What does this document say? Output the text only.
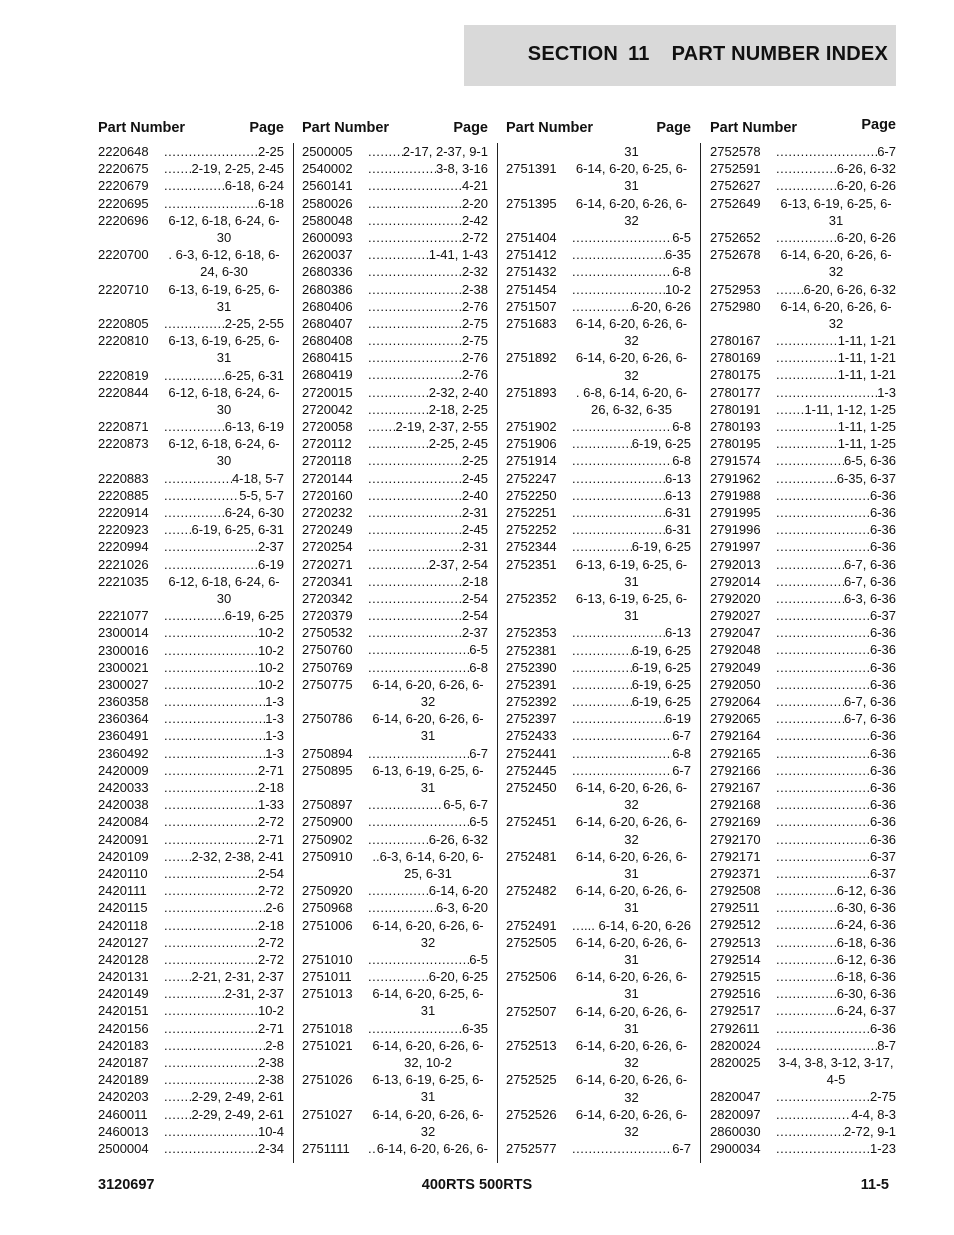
SECTION 11 PART NUMBER INDEX
Part Number	Page
2220648 .....	2-25
2220675 .....	2-19, 2-25, 2-45
2220679 .....	6-18, 6-24
2220695 .....	6-18
2220696	6-12, 6-18, 6-24, 6-30
2220700	. 6-3, 6-12, 6-18, 6-24, 6-30
2220710	6-13, 6-19, 6-25, 6-31
2220805 .....	2-25, 2-55
2220810	6-13, 6-19, 6-25, 6-31
2220819 .....	6-25, 6-31
2220844	6-12, 6-18, 6-24, 6-30
2220871 .....	6-13, 6-19
2220873	6-12, 6-18, 6-24, 6-30
2220883 .....	4-18, 5-7
2220885 .....	5-5, 5-7
2220914 .....	6-24, 6-30
2220923 .....	6-19, 6-25, 6-31
2220994 .....	2-37
2221026 .....	6-19
2221035	6-12, 6-18, 6-24, 6-30
2221077 .....	6-19, 6-25
2300014 .....	10-2
2300016 .....	10-2
2300021 .....	10-2
2300027 .....	10-2
2360358 .....	1-3
2360364 .....	1-3
2360491 .....	1-3
2360492 .....	1-3
2420009 .....	2-71
2420033 .....	2-18
2420038 .....	1-33
2420084 .....	2-72
2420091 .....	2-71
2420109 .....	2-32, 2-38, 2-41
2420110 .....	2-54
2420111 .....	2-72
2420115 .....	2-6
2420118 .....	2-18
2420127 .....	2-72
2420128 .....	2-72
2420131 .....	2-21, 2-31, 2-37
2420149 .....	2-31, 2-37
2420151 .....	10-2
2420156 .....	2-71
2420183 .....	2-8
2420187 .....	2-38
2420189 .....	2-38
2420203 .....	2-29, 2-49, 2-61
2460011 .....	2-29, 2-49, 2-61
2460013 .....	10-4
2500004 .....	2-34
Part Number	Page
2500005 .....	2-17, 2-37, 9-1
2540002 .....	3-8, 3-16
2560141 .....	4-21
2580026 .....	2-20
2580048 .....	2-42
2600093 .....	2-72
2620037 .....	1-41, 1-43
2680336 .....	2-32
2680386 .....	2-38
2680406 .....	2-76
2680407 .....	2-75
2680408 .....	2-75
2680415 .....	2-76
2680419 .....	2-76
2720015 .....	2-32, 2-40
2720042 .....	2-18, 2-25
2720058 .....	2-19, 2-37, 2-55
2720112 .....	2-25, 2-45
2720118 .....	2-25
2720144 .....	2-45
2720160 .....	2-40
2720232 .....	2-31
2720249 .....	2-45
2720254 .....	2-31
2720271 .....	2-37, 2-54
2720341 .....	2-18
2720342 .....	2-54
2720379 .....	2-54
2750532 .....	2-37
2750760 .....	6-5
2750769 .....	6-8
2750775	6-14, 6-20, 6-26, 6-32
2750786	6-14, 6-20, 6-26, 6-31
2750894 .....	6-7
2750895	6-13, 6-19, 6-25, 6-31
2750897 .....	6-5, 6-7
2750900 .....	6-5
2750902 .....	6-26, 6-32
2750910	..6-3, 6-14, 6-20, 6-25, 6-31
2750920 .....	6-14, 6-20
2750968 .....	6-3, 6-20
2751006	6-14, 6-20, 6-26, 6-32
2751010 .....	6-5
2751011 .....	6-20, 6-25
2751013	6-14, 6-20, 6-25, 6-31
2751018 .....	6-35
2751021	6-14, 6-20, 6-26, 6-32, 10-2
2751026	6-13, 6-19, 6-25, 6-31
2751027	6-14, 6-20, 6-26, 6-32
2751111 .....	6-14, 6-20, 6-26, 6-
Part Number	Page
31
2751391	6-14, 6-20, 6-25, 6-31
2751395	6-14, 6-20, 6-26, 6-32
2751404 .....	6-5
2751412 .....	6-35
2751432 .....	6-8
2751454 .....	10-2
2751507 .....	6-20, 6-26
2751683	6-14, 6-20, 6-26, 6-32
2751892	6-14, 6-20, 6-26, 6-32
2751893	. 6-8, 6-14, 6-20, 6-26, 6-32, 6-35
2751902 .....	6-8
2751906 .....	6-19, 6-25
2751914 .....	6-8
2752247 .....	6-13
2752250 .....	6-13
2752251 .....	6-31
2752252 .....	6-31
2752344 .....	6-19, 6-25
2752351	6-13, 6-19, 6-25, 6-31
2752352	6-13, 6-19, 6-25, 6-31
2752353 .....	6-13
2752381 .....	6-19, 6-25
2752390 .....	6-19, 6-25
2752391 .....	6-19, 6-25
2752392 .....	6-19, 6-25
2752397 .....	6-19
2752433 .....	6-7
2752441 .....	6-8
2752445 .....	6-7
2752450	6-14, 6-20, 6-26, 6-32
2752451	6-14, 6-20, 6-26, 6-32
2752481	6-14, 6-20, 6-26, 6-31
2752482	6-14, 6-20, 6-26, 6-31
2752491 .....	.... 6-14, 6-20, 6-26
2752505	6-14, 6-20, 6-26, 6-31
2752506	6-14, 6-20, 6-26, 6-31
2752507	6-14, 6-20, 6-26, 6-31
2752513	6-14, 6-20, 6-26, 6-32
2752525	6-14, 6-20, 6-26, 6-32
2752526	6-14, 6-20, 6-26, 6-32
2752577 .....	6-7
Part Number	Page
2752578 .....	6-7
2752591 .....	6-26, 6-32
2752627 .....	6-20, 6-26
2752649	6-13, 6-19, 6-25, 6-31
2752652 .....	6-20, 6-26
2752678	6-14, 6-20, 6-26, 6-32
2752953 .....	6-20, 6-26, 6-32
2752980	6-14, 6-20, 6-26, 6-32
2780167 .....	1-11, 1-21
2780169 .....	1-11, 1-21
2780175 .....	1-11, 1-21
2780177 .....	1-3
2780191 .....	1-11, 1-12, 1-25
2780193 .....	1-11, 1-25
2780195 .....	1-11, 1-25
2791574 .....	6-5, 6-36
2791962 .....	6-35, 6-37
2791988 .....	6-36
2791995 .....	6-36
2791996 .....	6-36
2791997 .....	6-36
2792013 .....	6-7, 6-36
2792014 .....	6-7, 6-36
2792020 .....	6-3, 6-36
2792027 .....	6-37
2792047 .....	6-36
2792048 .....	6-36
2792049 .....	6-36
2792050 .....	6-36
2792064 .....	6-7, 6-36
2792065 .....	6-7, 6-36
2792164 .....	6-36
2792165 .....	6-36
2792166 .....	6-36
2792167 .....	6-36
2792168 .....	6-36
2792169 .....	6-36
2792170 .....	6-36
2792171 .....	6-37
2792371 .....	6-37
2792508 .....	6-12, 6-36
2792511 .....	6-30, 6-36
2792512 .....	6-24, 6-36
2792513 .....	6-18, 6-36
2792514 .....	6-12, 6-36
2792515 .....	6-18, 6-36
2792516 .....	6-30, 6-36
2792517 .....	6-24, 6-37
2792611 .....	6-36
2820024 .....	8-7
2820025	3-4, 3-8, 3-12, 3-17, 4-5
2820047 .....	2-75
2820097 .....	4-4, 8-3
2860030 .....	2-72, 9-1
2900034 .....	1-23
3120697	400RTS 500RTS	11-5
